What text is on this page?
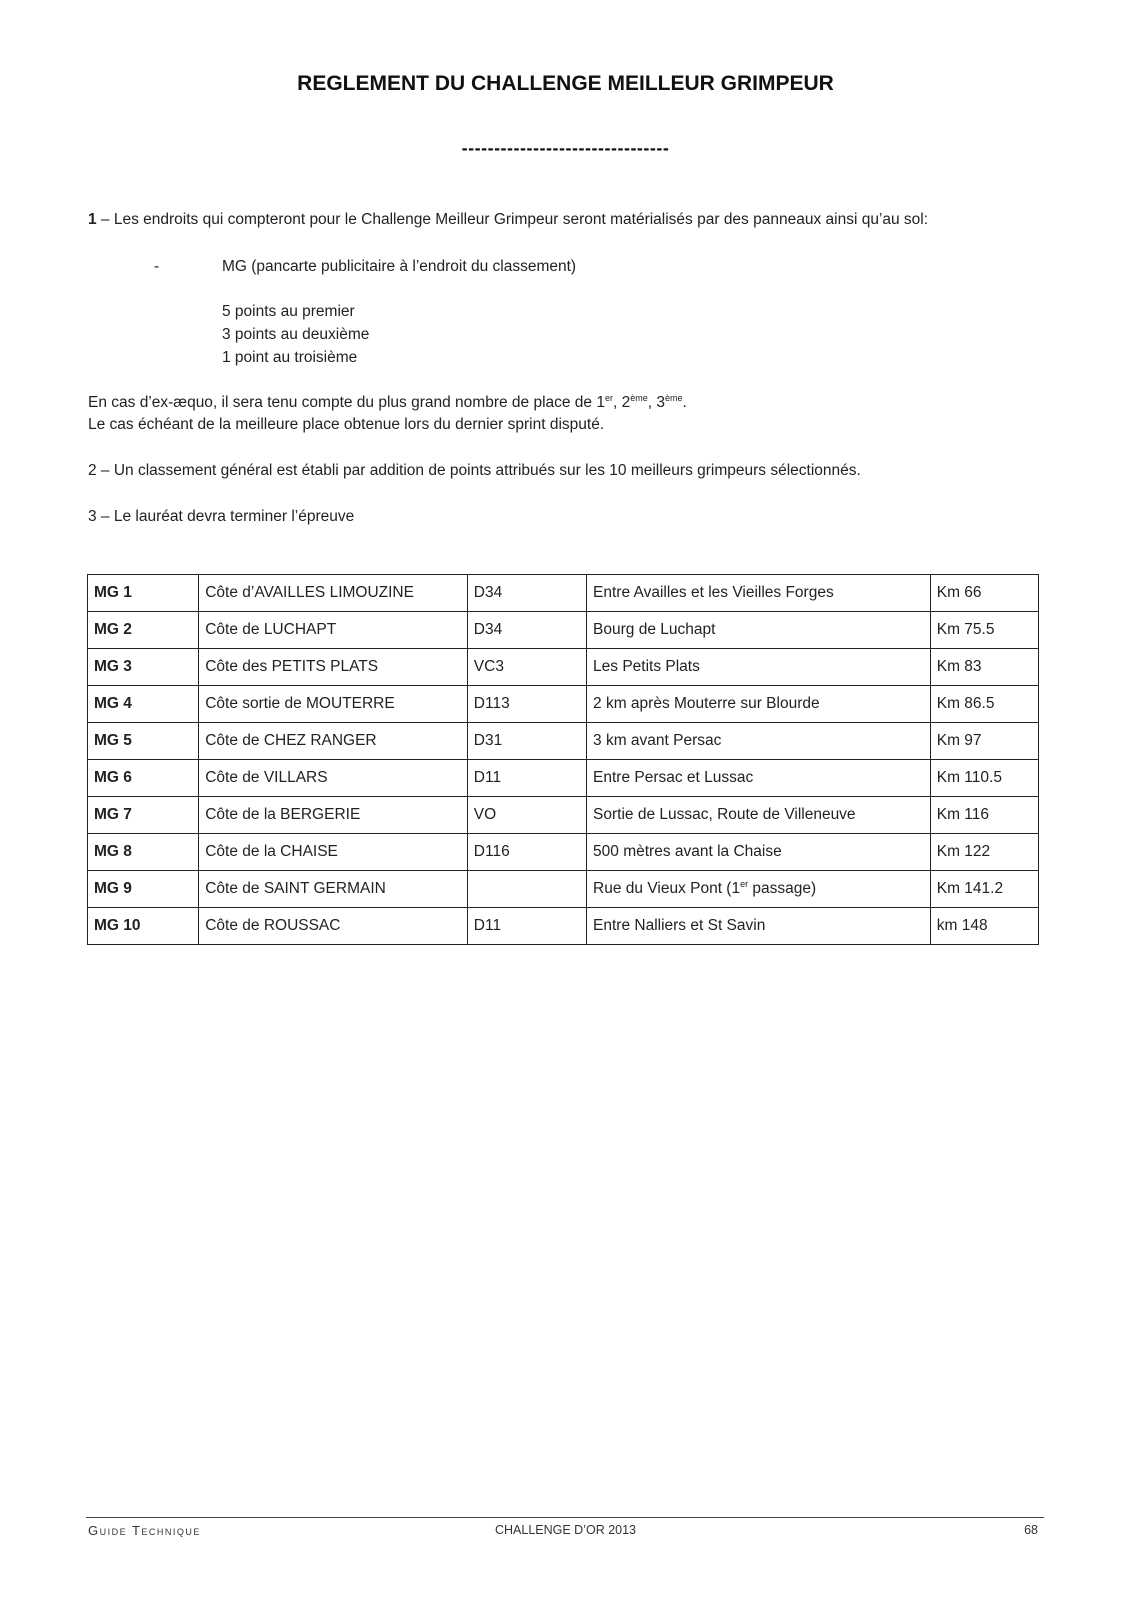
REGLEMENT DU CHALLENGE MEILLEUR GRIMPEUR
--------------------------------

1 – Les endroits qui compteront pour le Challenge Meilleur Grimpeur seront matérialisés par des panneaux ainsi qu’au sol:

-	MG (pancarte publicitaire à l’endroit du classement)
5 points au premier
3 points au deuxième
1 point au troisième
En cas d’ex-æquo, il sera tenu compte du plus grand nombre de place de 1er, 2ème, 3ème.
Le cas échéant de la meilleure place obtenue lors du dernier sprint disputé.

2 – Un classement général est établi par addition de points attribués sur les 10 meilleurs grimpeurs sélectionnés.

3 – Le lauréat devra terminer l’épreuve

MG 1	Côte d’AVAILLES LIMOUZINE	D34	Entre Availles et les Vieilles Forges	Km 66
MG 2	Côte de LUCHAPT	D34	Bourg de Luchapt	Km 75.5
MG 3	Côte des PETITS PLATS	VC3	Les Petits Plats	Km 83
MG 4	Côte sortie de MOUTERRE	D113	2 km après Mouterre sur Blourde	Km 86.5
MG 5	Côte de CHEZ RANGER	D31	3 km avant Persac	Km 97
MG 6	Côte de VILLARS	D11	Entre Persac et Lussac	Km 110.5
MG 7	Côte de la BERGERIE	VO	Sortie de Lussac, Route de Villeneuve	Km 116
MG 8	Côte de la CHAISE	D116	500 mètres avant la Chaise	Km 122
MG 9	Côte de SAINT GERMAIN		Rue du Vieux Pont (1er passage)	Km 141.2
MG 10	Côte de ROUSSAC	D11	Entre Nalliers et St Savin	km 148
Guide Technique	CHALLENGE D’OR 2013	68
